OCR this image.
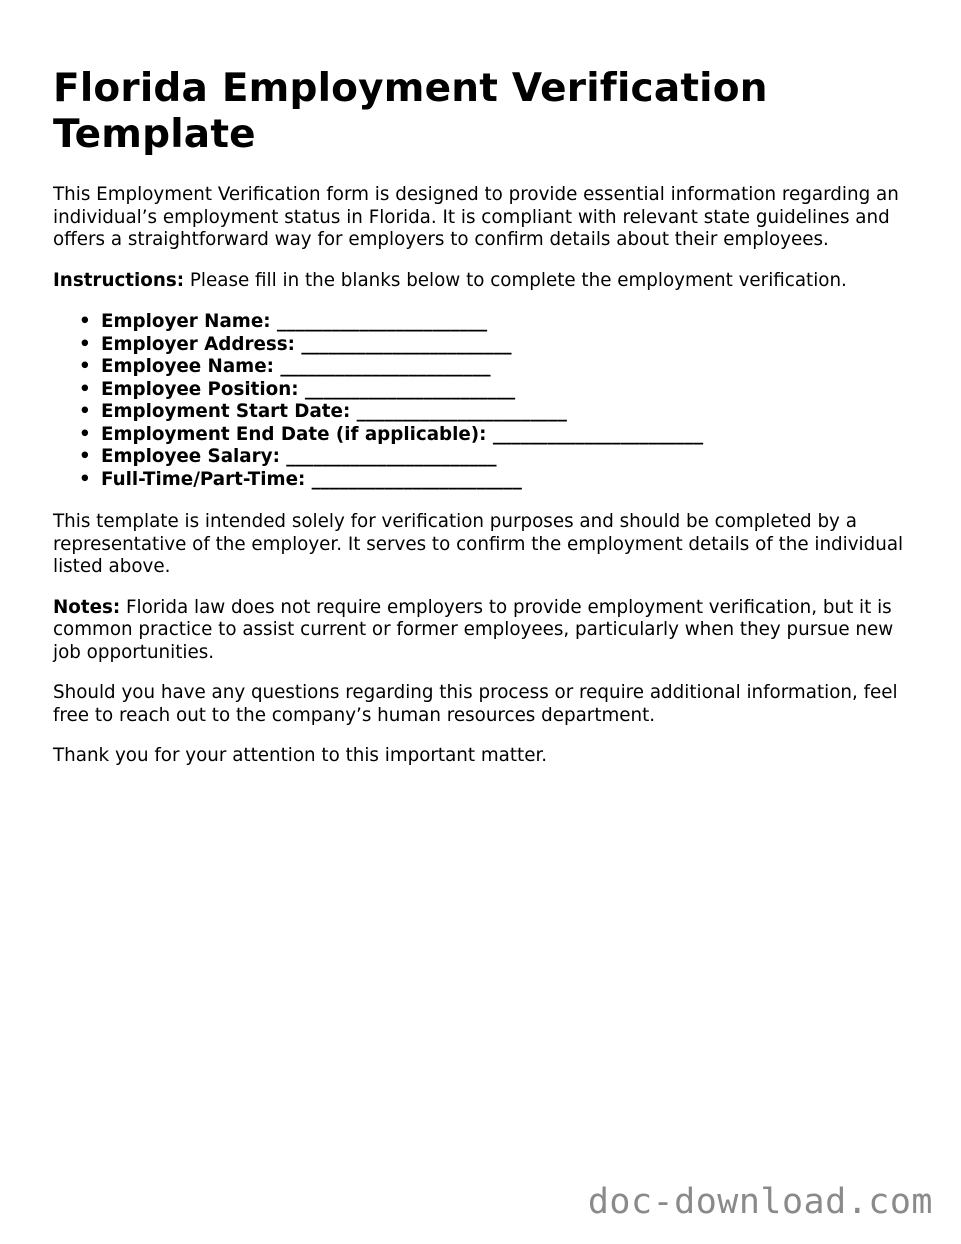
Florida Employment Verification Template

This Employment Verification form is designed to provide essential information regarding an individual’s employment status in Florida. It is compliant with relevant state guidelines and offers a straightforward way for employers to confirm details about their employees.

Instructions: Please fill in the blanks below to complete the employment verification.

• Employer Name: _______________________
• Employer Address: _______________________
• Employee Name: _______________________
• Employee Position: _______________________
• Employment Start Date: _______________________
• Employment End Date (if applicable): _______________________
• Employee Salary: _______________________
• Full-Time/Part-Time: _______________________

This template is intended solely for verification purposes and should be completed by a representative of the employer. It serves to confirm the employment details of the individual listed above.

Notes: Florida law does not require employers to provide employment verification, but it is common practice to assist current or former employees, particularly when they pursue new job opportunities.

Should you have any questions regarding this process or require additional information, feel free to reach out to the company’s human resources department.

Thank you for your attention to this important matter.

doc-download.com
